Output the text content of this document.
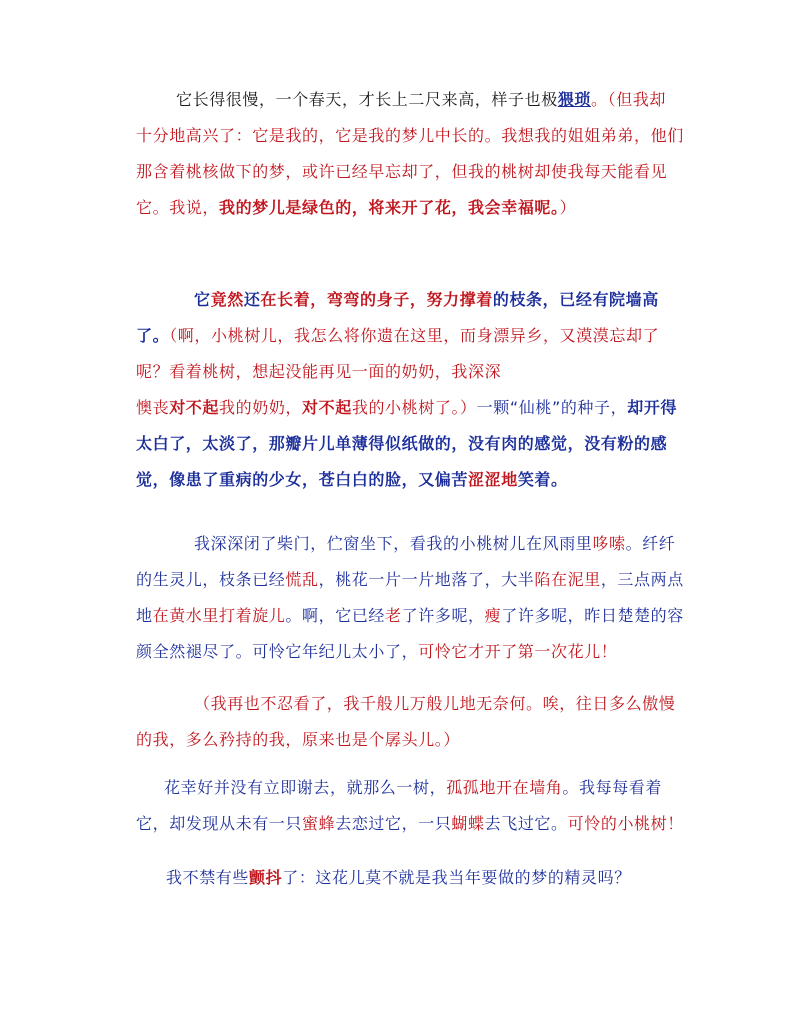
它长得很慢，一个春天，才长上二尺来高，样子也极猥琐。（但我却
十分地高兴了：它是我的，它是我的梦儿中长的。我想我的姐姐弟弟，他们
那含着桃核做下的梦，或许已经早忘却了，但我的桃树却使我每天能看见
它。我说，我的梦儿是绿色的，将来开了花，我会幸福呢。）
它竟然还在长着，弯弯的身子，努力撑着的枝条，已经有院墙高
了。（啊，小桃树儿，我怎么将你遗在这里，而身漂异乡，又漠漠忘却了
呢？看着桃树，想起没能再见一面的奶奶，我深深
懊丧对不起我的奶奶，对不起我的小桃树了。）一颗“仙桃”的种子，却开得
太白了，太淡了，那瓣片儿单薄得似纸做的，没有肉的感觉，没有粉的感
觉，像患了重病的少女，苍白白的脸，又偏苦涩涩地笑着。
我深深闭了柴门，伫窗坐下，看我的小桃树儿在风雨里哆嗦。纤纤
的生灵儿，枝条已经慌乱，桃花一片一片地落了，大半陷在泥里，三点两点
地在黄水里打着旋儿。啊，它已经老了许多呢，瘦了许多呢，昨日楚楚的容
颜全然褪尽了。可怜它年纪儿太小了，可怜它才开了第一次花儿！
（我再也不忍看了，我千般儿万般儿地无奈何。唉，往日多么傲慢
的我，多么矜持的我，原来也是个孱头儿。）
花幸好并没有立即谢去，就那么一树，孤孤地开在墙角。我每每看着
它，却发现从未有一只蜜蜂去恋过它，一只蝴蝶去飞过它。可怜的小桃树！
我不禁有些颤抖了：这花儿莫不就是我当年要做的梦的精灵吗？
